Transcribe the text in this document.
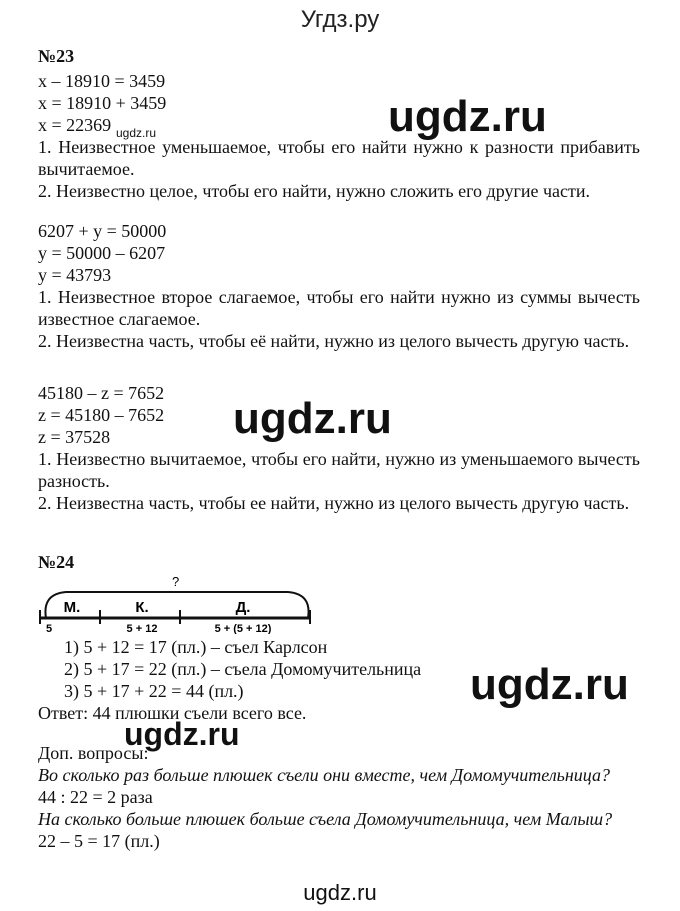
Угдз.ру
№23
x – 18910 = 3459
x = 18910 + 3459
x = 22369 ugdz.ru	ugdz.ru
1. Неизвестное уменьшаемое, чтобы его найти нужно к разности прибавить вычитаемое.
2. Неизвестно целое, чтобы его найти, нужно сложить его другие части.
6207 + y = 50000
y = 50000 – 6207
y = 43793
1. Неизвестное второе слагаемое, чтобы его найти нужно из суммы вычесть известное слагаемое.
2. Неизвестна часть, чтобы её найти, нужно из целого вычесть другую часть.
45180 – z = 7652
z = 45180 – 7652
z = 37528	ugdz.ru
1. Неизвестно вычитаемое, чтобы его найти, нужно из уменьшаемого вычесть разность.
2. Неизвестна часть, чтобы ее найти, нужно из целого вычесть другую часть.
№24
?
М.	К.	Д.
5	5 + 12	5 + (5 + 12)
1) 5 + 12 = 17 (пл.) – съел Карлсон
2) 5 + 17 = 22 (пл.) – съела Домомучительница
3) 5 + 17 + 22 = 44 (пл.)	ugdz.ru
Ответ: 44 плюшки съели всего все.
ugdz.ru
Доп. вопросы:
Во сколько раз больше плюшек съели они вместе, чем Домомучительница?
44 : 22 = 2 раза
На сколько больше плюшек больше съела Домомучительница, чем Малыш?
22 – 5 = 17 (пл.)
ugdz.ru
